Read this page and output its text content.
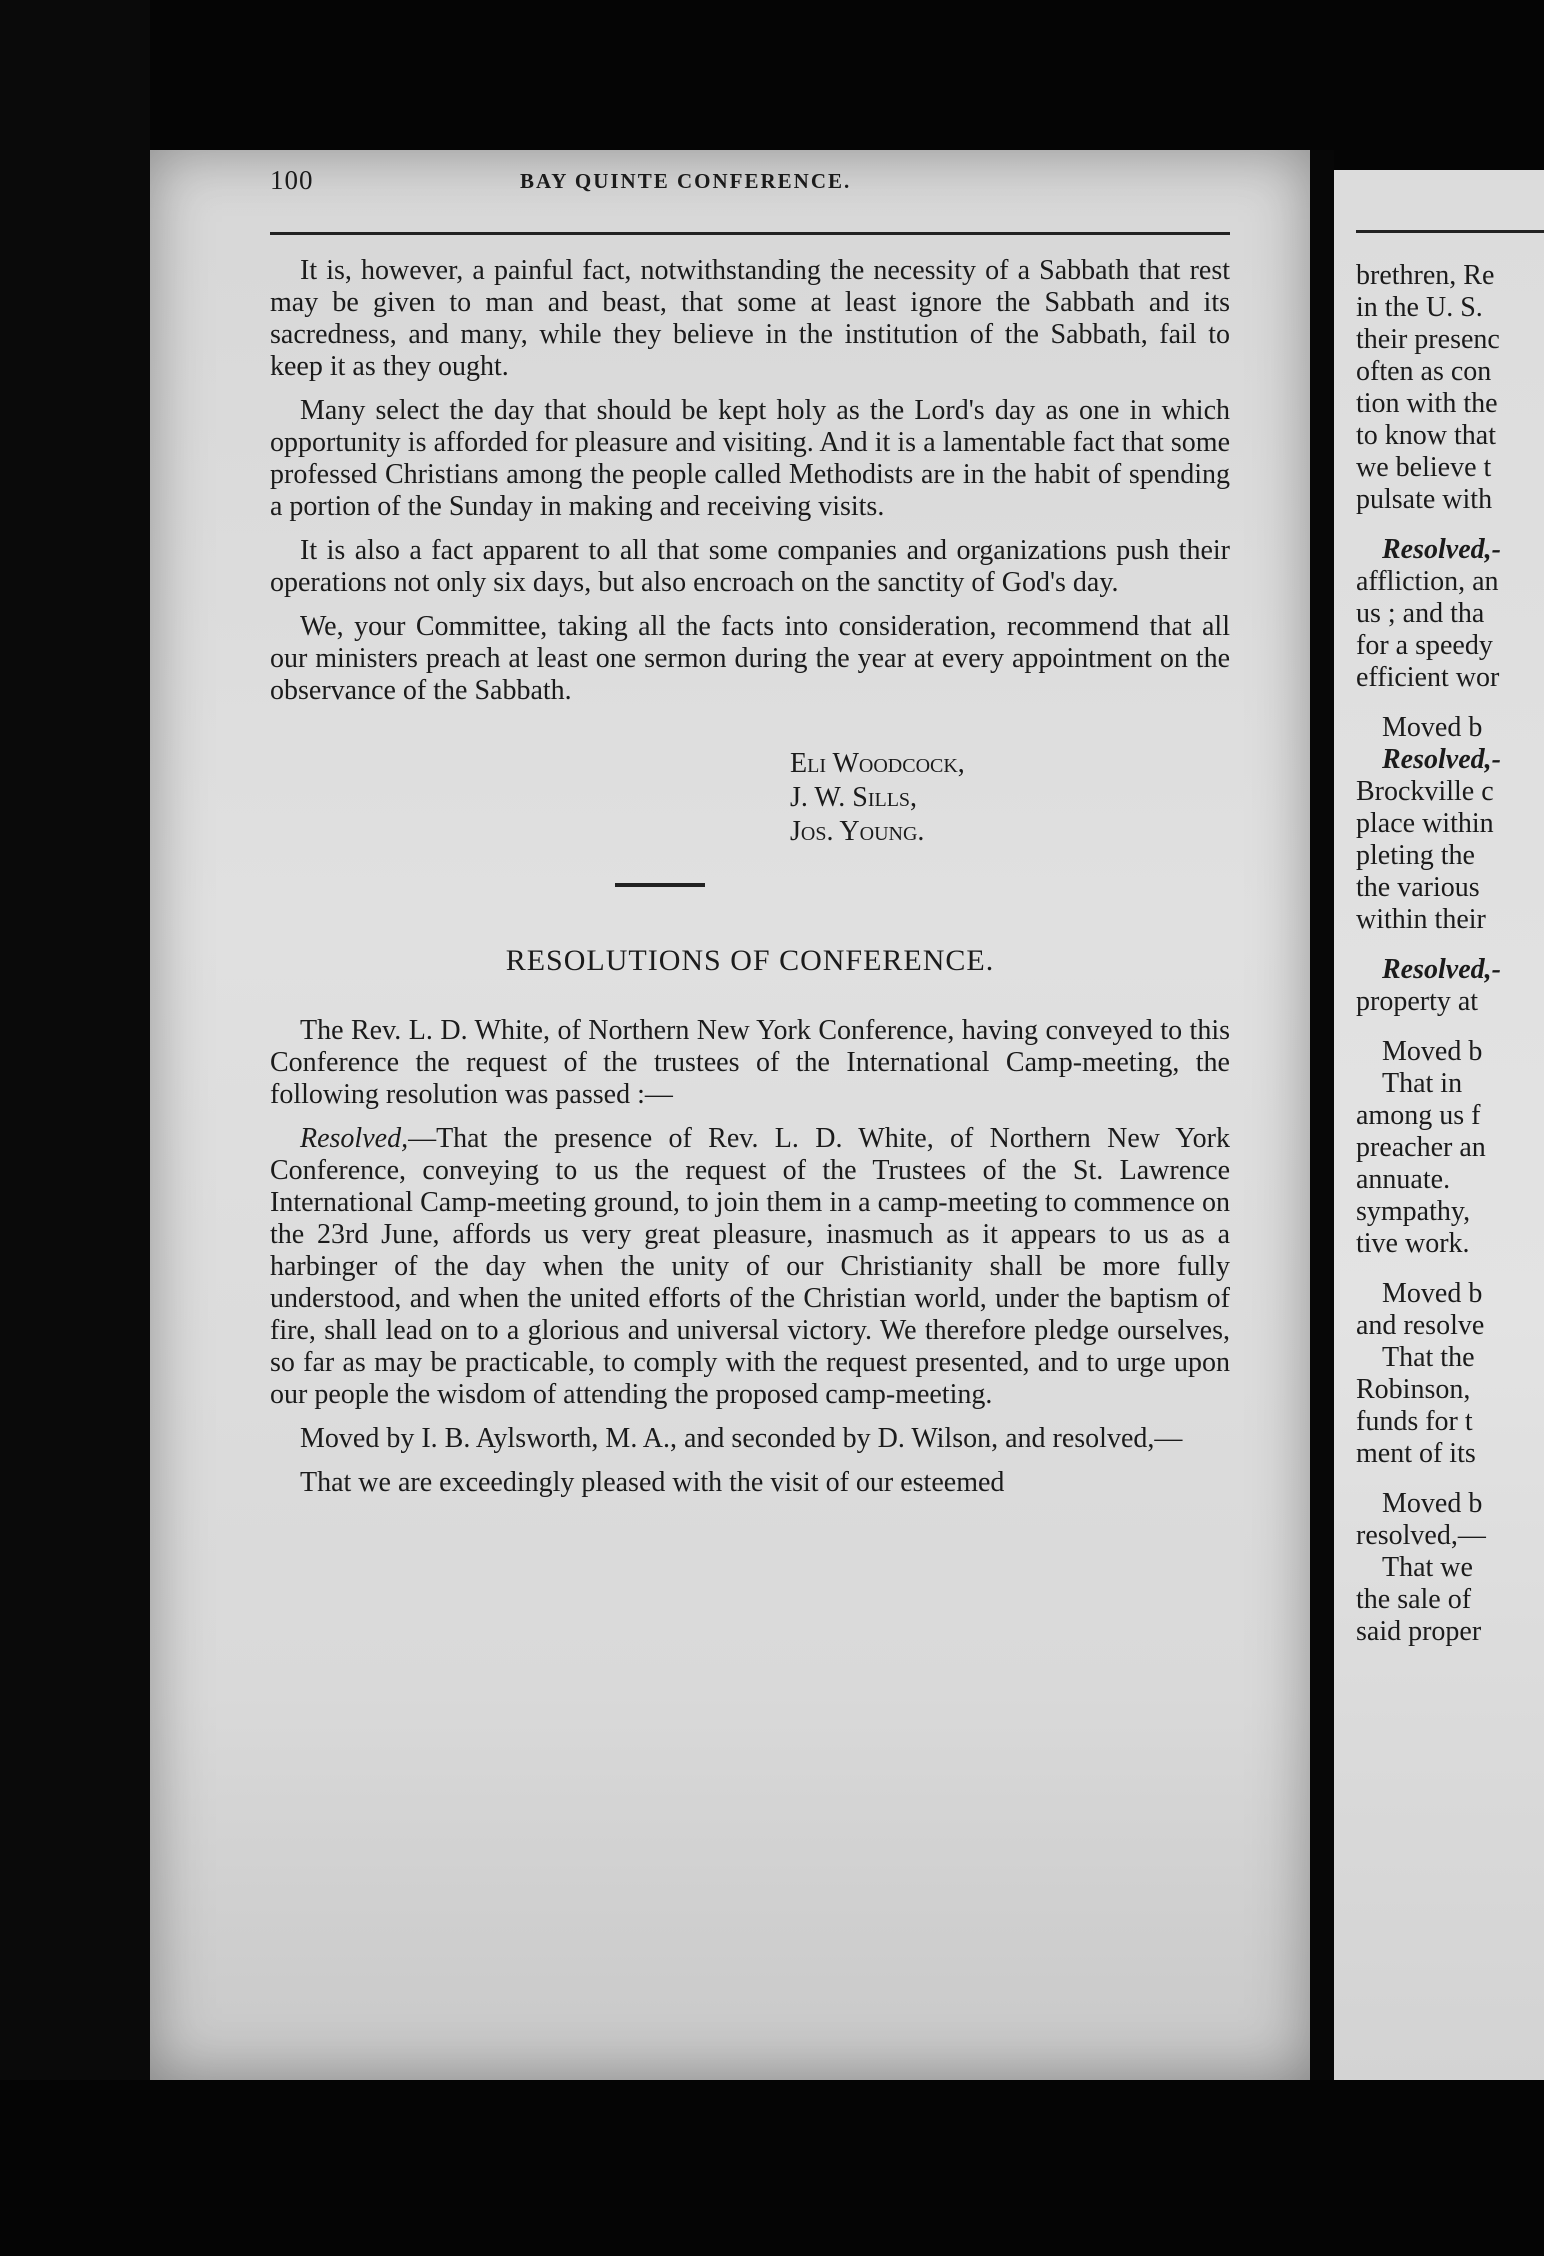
100	BAY QUINTE CONFERENCE.

It is, however, a painful fact, notwithstanding the necessity of a Sabbath that rest may be given to man and beast, that some at least ignore the Sabbath and its sacredness, and many, while they believe in the institution of the Sabbath, fail to keep it as they ought.

Many select the day that should be kept holy as the Lord's day as one in which opportunity is afforded for pleasure and visiting. And it is a lamentable fact that some professed Christians among the people called Methodists are in the habit of spending a portion of the Sunday in making and receiving visits.

It is also a fact apparent to all that some companies and organizations push their operations not only six days, but also encroach on the sanctity of God's day.

We, your Committee, taking all the facts into consideration, recommend that all our ministers preach at least one sermon during the year at every appointment on the observance of the Sabbath.

Eli Woodcock,
J. W. Sills,
Jos. Young.
RESOLUTIONS OF CONFERENCE.

The Rev. L. D. White, of Northern New York Conference, having conveyed to this Conference the request of the trustees of the International Camp-meeting, the following resolution was passed :—

Resolved,—That the presence of Rev. L. D. White, of Northern New York Conference, conveying to us the request of the Trustees of the St. Lawrence International Camp-meeting ground, to join them in a camp-meeting to commence on the 23rd June, affords us very great pleasure, inasmuch as it appears to us as a harbinger of the day when the unity of our Christianity shall be more fully understood, and when the united efforts of the Christian world, under the baptism of fire, shall lead on to a glorious and universal victory. We therefore pledge ourselves, so far as may be practicable, to comply with the request presented, and to urge upon our people the wisdom of attending the proposed camp-meeting.

Moved by I. B. Aylsworth, M. A., and seconded by D. Wilson, and resolved,—

That we are exceedingly pleased with the visit of our esteemed

brethren, Re
in the U. S.
their presenc
often as con
tion with the
to know that
we believe t
pulsate with
Resolved,-
affliction, an
us ; and tha
for a speedy
efficient wor
Moved b
Resolved,-
Brockville c
place within
pleting the
the various
within their
Resolved,-
property at
Moved b
That in
among us f
preacher an
annuate.
sympathy,
tive work.
Moved b
and resolve
That the
Robinson,
funds for t
ment of its
Moved b
resolved,—
That we
the sale of
said proper
